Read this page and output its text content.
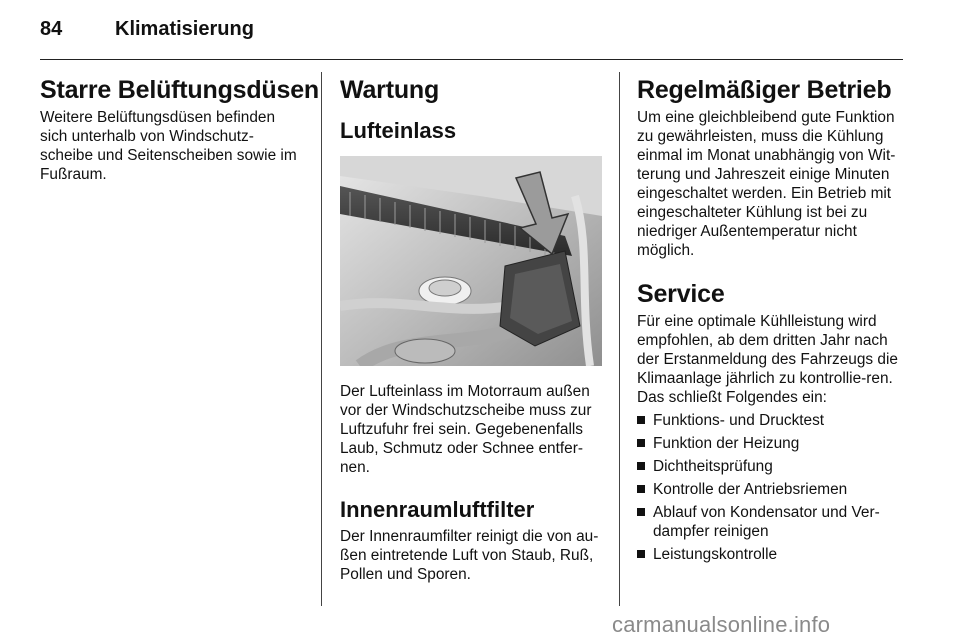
84	Klimatisierung
Starre Belüftungsdüsen

Weitere Belüftungsdüsen befinden sich unterhalb von Windschutz-scheibe und Seitenscheiben sowie im Fußraum.

Wartung
Lufteinlass

Der Lufteinlass im Motorraum außen vor der Windschutzscheibe muss zur Luftzufuhr frei sein. Gegebenenfalls Laub, Schmutz oder Schnee entfer-nen.

Innenraumluftfilter

Der Innenraumfilter reinigt die von au-ßen eintretende Luft von Staub, Ruß, Pollen und Sporen.

Regelmäßiger Betrieb

Um eine gleichbleibend gute Funktion zu gewährleisten, muss die Kühlung einmal im Monat unabhängig von Wit-terung und Jahreszeit einige Minuten eingeschaltet werden. Ein Betrieb mit eingeschalteter Kühlung ist bei zu niedriger Außentemperatur nicht möglich.

Service

Für eine optimale Kühlleistung wird empfohlen, ab dem dritten Jahr nach der Erstanmeldung des Fahrzeugs die Klimaanlage jährlich zu kontrollie-ren. Das schließt Folgendes ein:

Funktions- und Drucktest
Funktion der Heizung
Dichtheitsprüfung
Kontrolle der Antriebsriemen
Ablauf von Kondensator und Ver-dampfer reinigen
Leistungskontrolle
carmanualsonline.info
